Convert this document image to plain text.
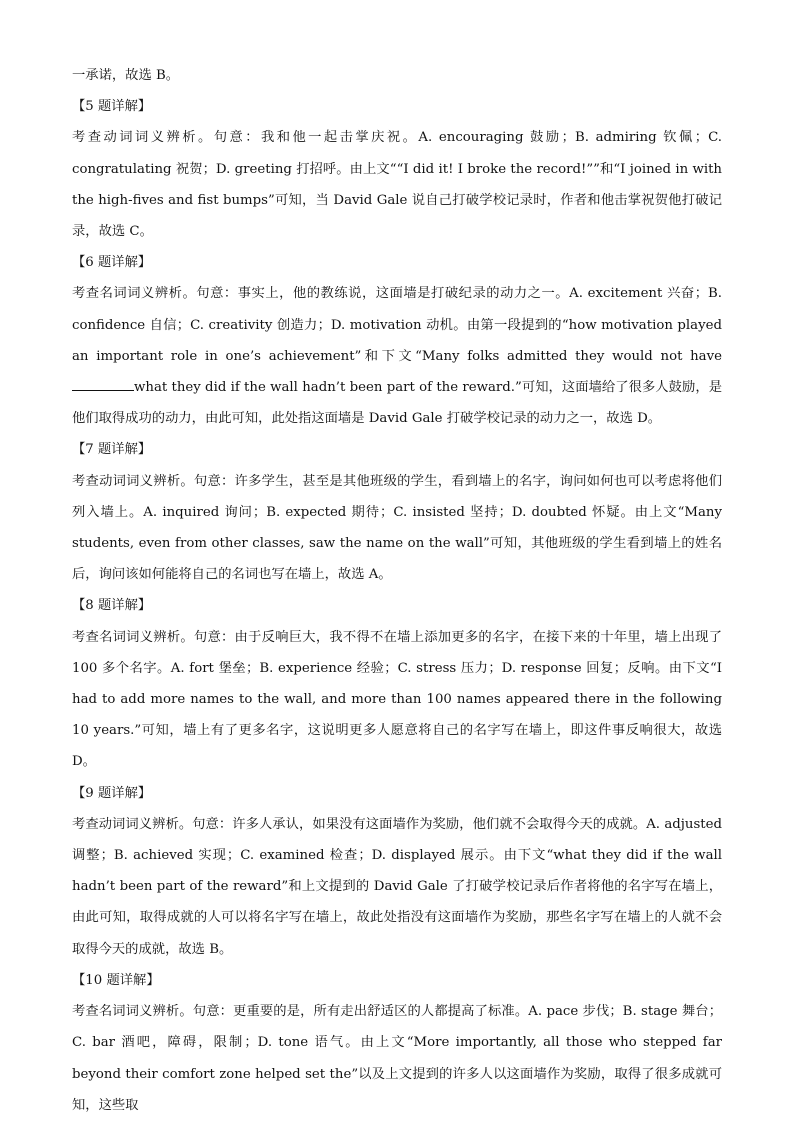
一承诺，故选 B。

【5 题详解】

考查动词词义辨析。句意：我和他一起击掌庆祝。A. encouraging 鼓励；B. admiring 钦佩；C. congratulating 祝贺；D. greeting 打招呼。由上文““I did it! I broke the record!””和“I joined in with the high-fives and fist bumps”可知，当 David Gale 说自己打破学校记录时，作者和他击掌祝贺他打破记录，故选 C。

【6 题详解】

考查名词词义辨析。句意：事实上，他的教练说，这面墙是打破纪录的动力之一。A. excitement 兴奋；B. confidence 自信；C. creativity 创造力；D. motivation 动机。由第一段提到的“how motivation played an important role in one’s achievement”和下文“Many folks admitted they would not havewhat they did if the wall hadn’t been part of the reward.”可知，这面墙给了很多人鼓励，是他们取得成功的动力，由此可知，此处指这面墙是 David Gale 打破学校记录的动力之一，故选 D。

【7 题详解】

考查动词词义辨析。句意：许多学生，甚至是其他班级的学生，看到墙上的名字，询问如何也可以考虑将他们列入墙上。A. inquired 询问；B. expected 期待；C. insisted 坚持；D. doubted 怀疑。由上文“Many students, even from other classes, saw the name on the wall”可知，其他班级的学生看到墙上的姓名后，询问该如何能将自己的名词也写在墙上，故选 A。

【8 题详解】

考查名词词义辨析。句意：由于反响巨大，我不得不在墙上添加更多的名字，在接下来的十年里，墙上出现了 100 多个名字。A. fort 堡垒；B. experience 经验；C. stress 压力；D. response 回复；反响。由下文“I had to add more names to the wall, and more than 100 names appeared there in the following 10 years.”可知，墙上有了更多名字，这说明更多人愿意将自己的名字写在墙上，即这件事反响很大，故选 D。

【9 题详解】

考查动词词义辨析。句意：许多人承认，如果没有这面墙作为奖励，他们就不会取得今天的成就。A. adjusted 调整；B. achieved 实现；C. examined 检查；D. displayed 展示。由下文“what they did if the wall hadn’t been part of the reward”和上文提到的 David Gale 了打破学校记录后作者将他的名字写在墙上，由此可知，取得成就的人可以将名字写在墙上，故此处指没有这面墙作为奖励，那些名字写在墙上的人就不会取得今天的成就，故选 B。

【10 题详解】

考查名词词义辨析。句意：更重要的是，所有走出舒适区的人都提高了标准。A. pace 步伐；B. stage 舞台；C. bar 酒吧，障碍，限制；D. tone 语气。由上文“More importantly, all those who stepped far beyond their comfort zone helped set the”以及上文提到的许多人以这面墙作为奖励，取得了很多成就可知，这些取
